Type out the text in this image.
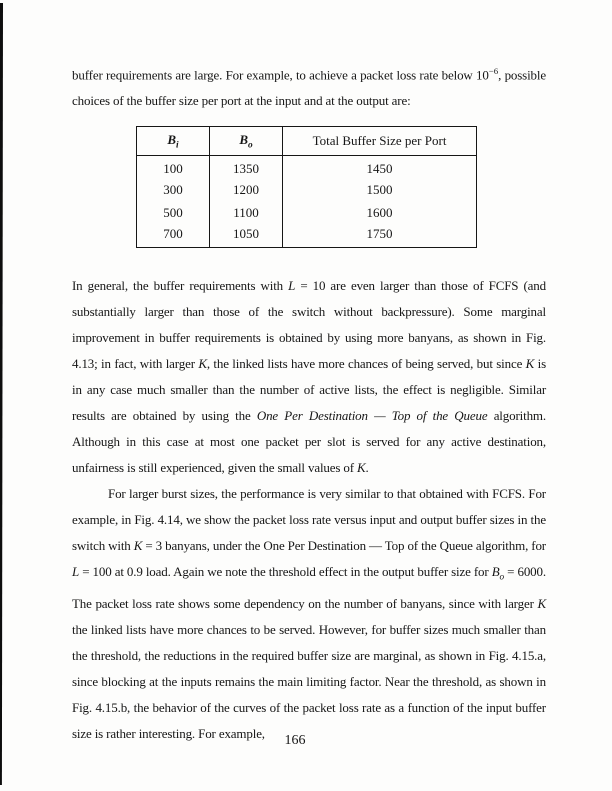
buffer requirements are large. For example, to achieve a packet loss rate below $10^{-6}$, possible choices of the buffer size per port at the input and at the output are:

$B_i$	$B_o$	Total Buffer Size per Port
100	1350	1450
300	1200	1500
500	1100	1600
700	1050	1750

In general, the buffer requirements with L = 10 are even larger than those of FCFS (and substantially larger than those of the switch without backpressure). Some marginal improvement in buffer requirements is obtained by using more banyans, as shown in Fig. 4.13; in fact, with larger K, the linked lists have more chances of being served, but since K is in any case much smaller than the number of active lists, the effect is negligible. Similar results are obtained by using the One Per Destination — Top of the Queue algorithm. Although in this case at most one packet per slot is served for any active destination, unfairness is still experienced, given the small values of K.

For larger burst sizes, the performance is very similar to that obtained with FCFS. For example, in Fig. 4.14, we show the packet loss rate versus input and output buffer sizes in the switch with K = 3 banyans, under the One Per Destination — Top of the Queue algorithm, for L = 100 at 0.9 load. Again we note the threshold effect in the output buffer size for $B_o = 6000$. The packet loss rate shows some dependency on the number of banyans, since with larger K the linked lists have more chances to be served. However, for buffer sizes much smaller than the threshold, the reductions in the required buffer size are marginal, as shown in Fig. 4.15.a, since blocking at the inputs remains the main limiting factor. Near the threshold, as shown in Fig. 4.15.b, the behavior of the curves of the packet loss rate as a function of the input buffer size is rather interesting. For example,	166
